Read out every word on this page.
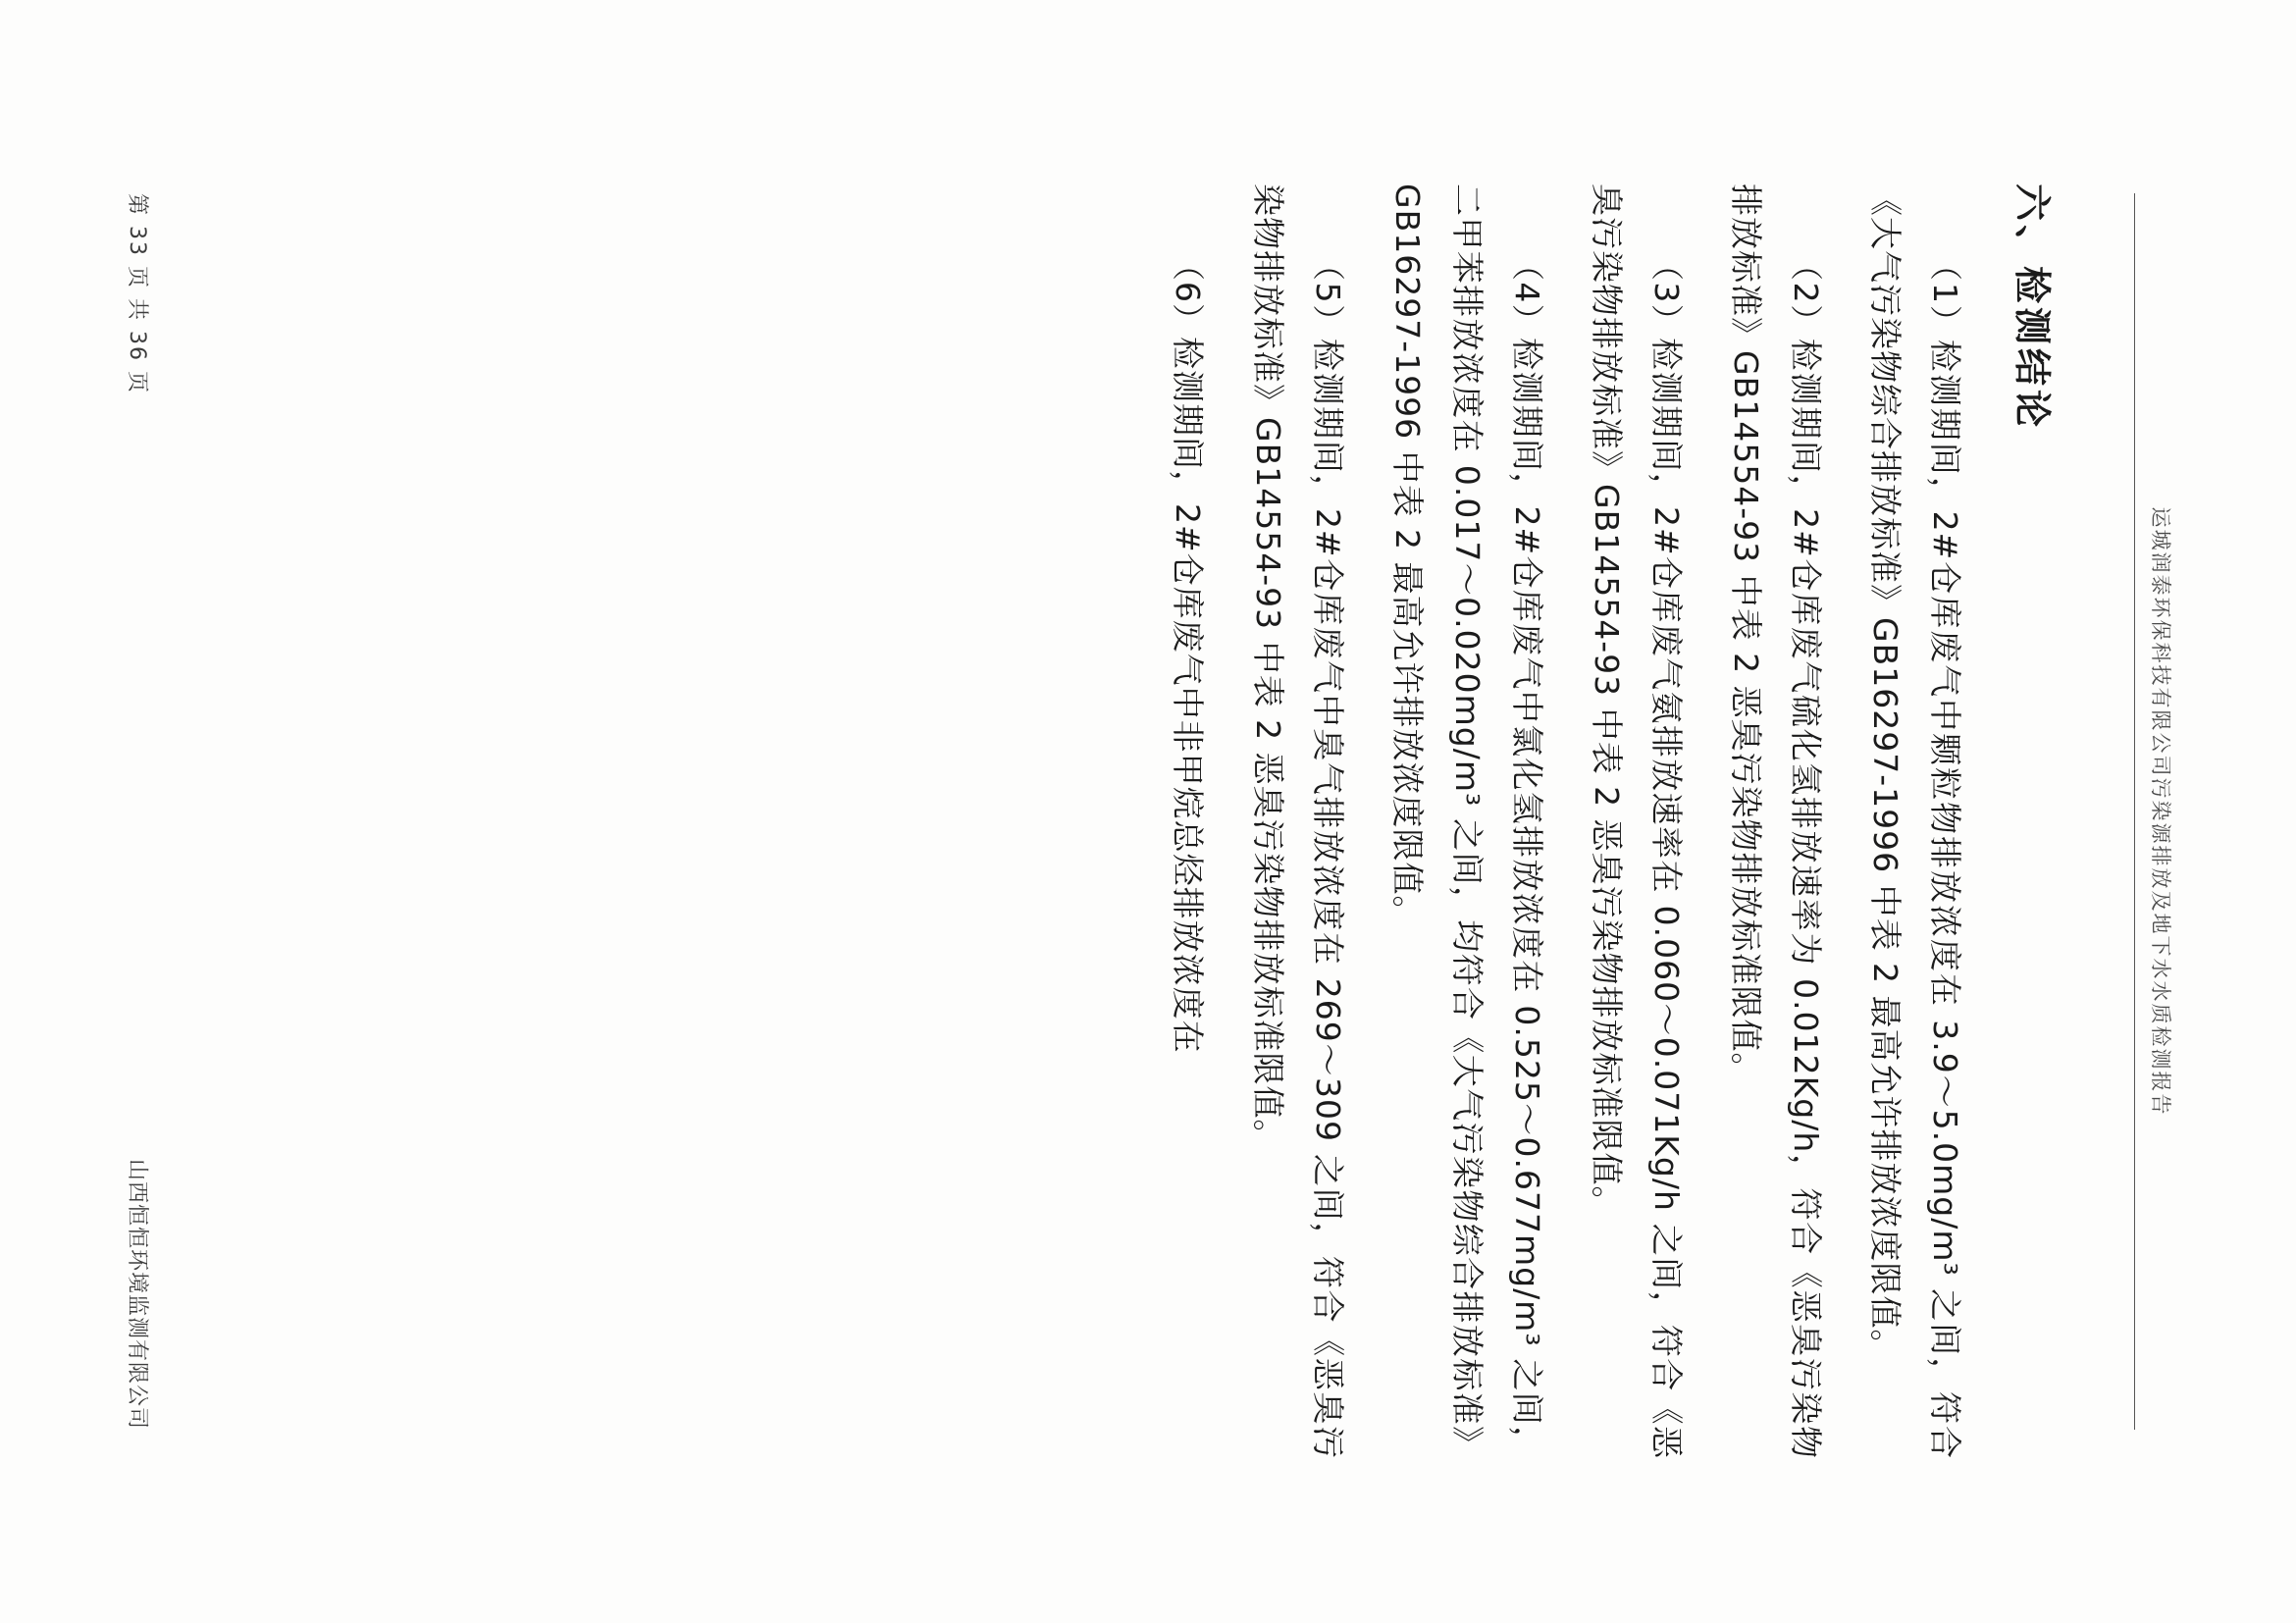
运城润泰环保科技有限公司污染源排放及地下水水质检测报告
六、检测结论

（1）检测期间，2#仓库废气中颗粒物排放浓度在 3.9～5.0mg/m³ 之间，符合《大气污染物综合排放标准》GB16297-1996 中表 2 最高允许排放浓度限值。

（2）检测期间，2#仓库废气硫化氢排放速率为 0.012Kg/h，符合《恶臭污染物排放标准》GB14554-93 中表 2 恶臭污染物排放标准限值。

（3）检测期间，2#仓库废气氨排放速率在 0.060～0.071Kg/h 之间，符合《恶臭污染物排放标准》GB14554-93 中表 2 恶臭污染物排放标准限值。

（4）检测期间，2#仓库废气中氯化氢排放浓度在 0.525～0.677mg/m³ 之间，二甲苯排放浓度在 0.017～0.020mg/m³ 之间，均符合《大气污染物综合排放标准》GB16297-1996 中表 2 最高允许排放浓度限值。

（5）检测期间，2#仓库废气中臭气排放浓度在 269～309 之间，符合《恶臭污染物排放标准》GB14554-93 中表 2 恶臭污染物排放标准限值。

（6）检测期间，2#仓库废气中非甲烷总烃排放浓度在

第 33 页 共 36 页
山西恒恒环境监测有限公司
